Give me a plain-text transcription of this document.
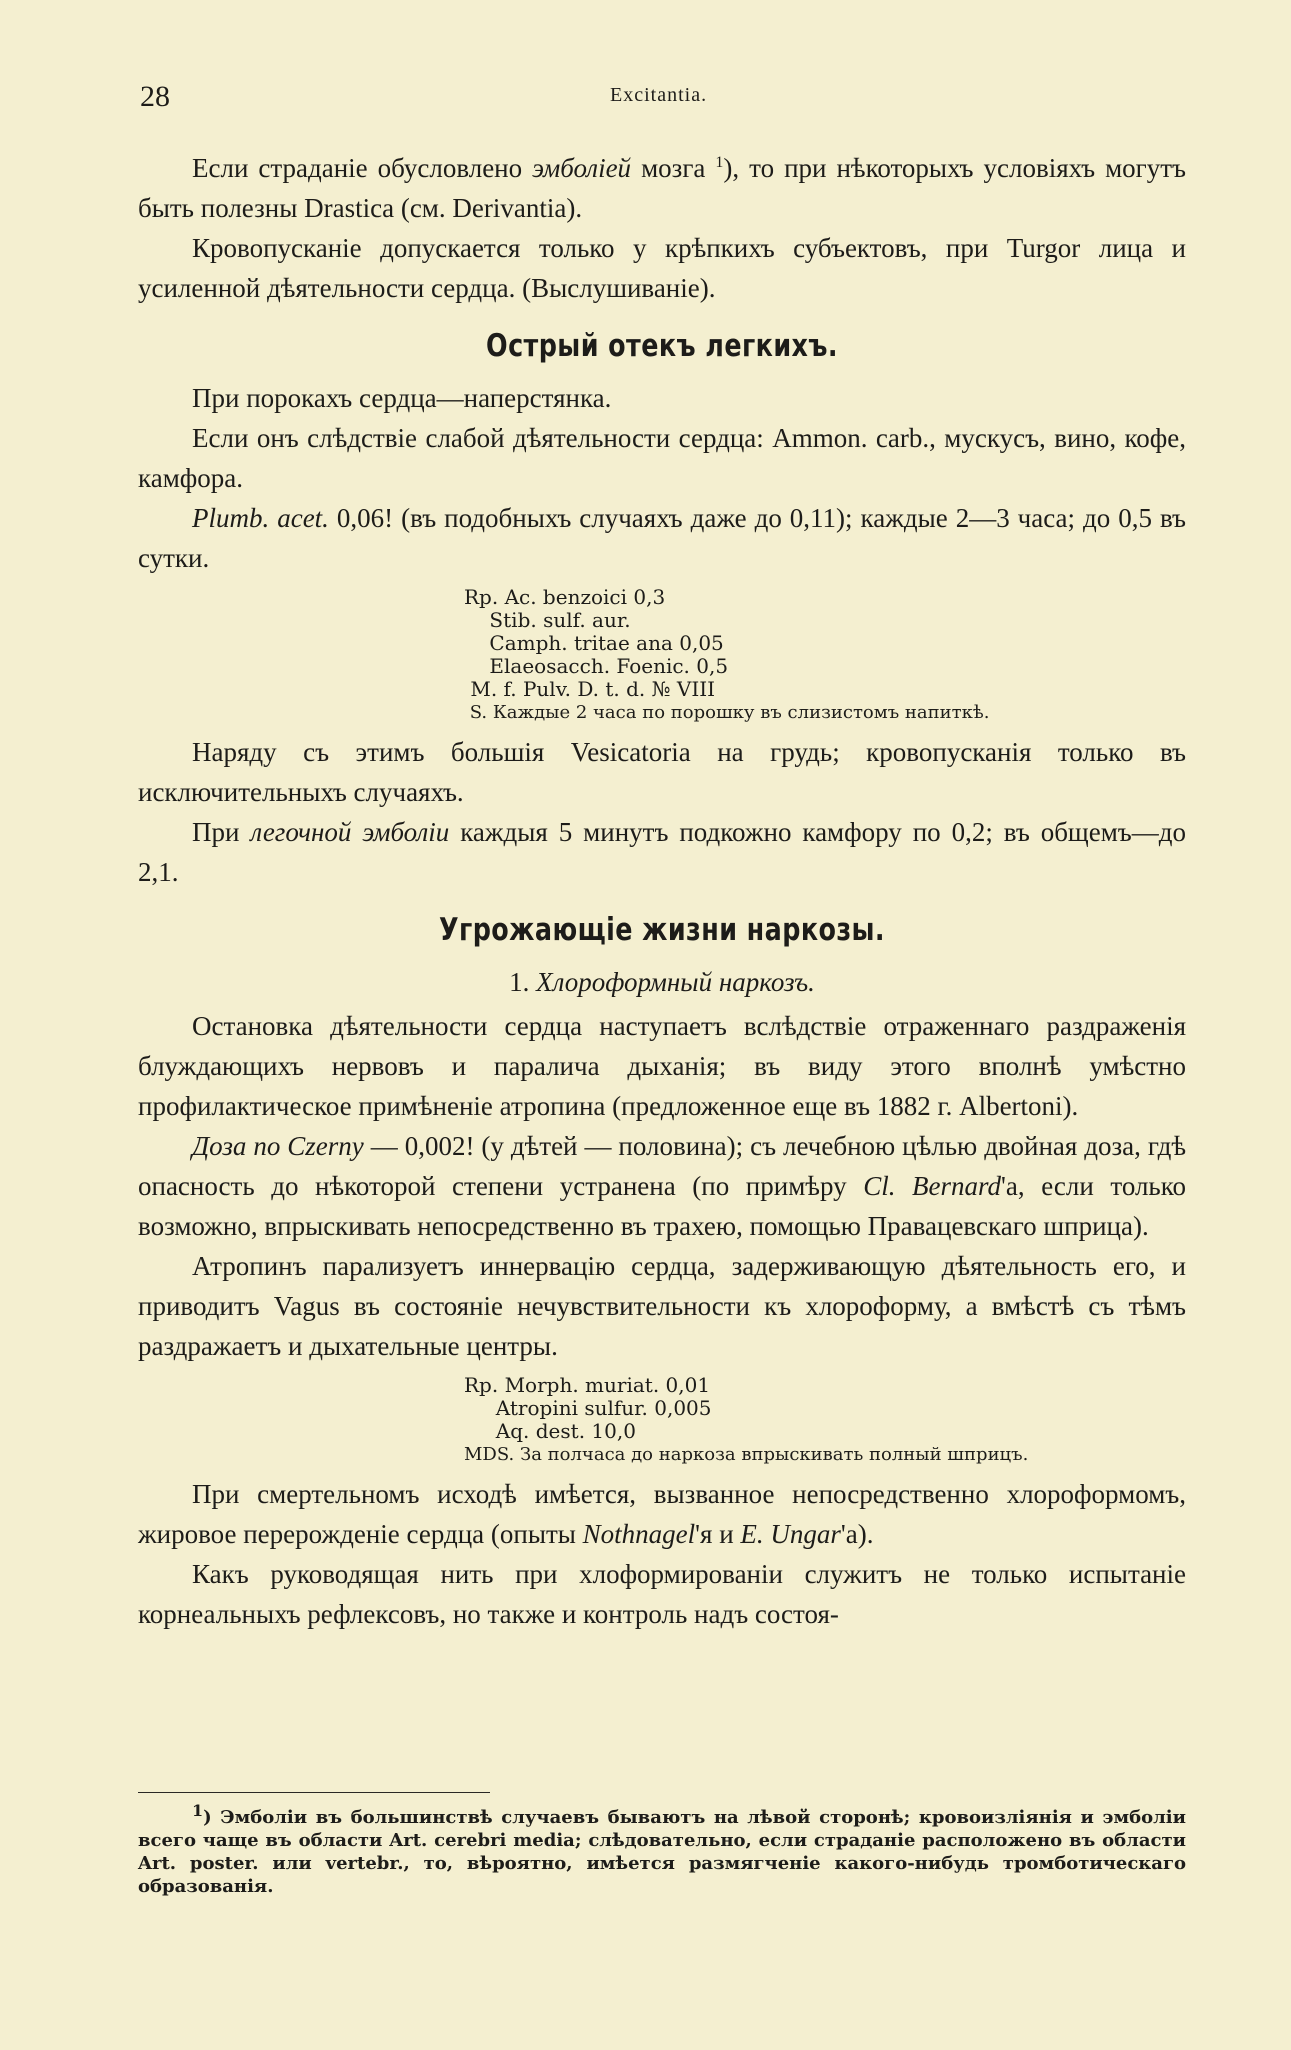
28	Excitantia.

Если страданіе обусловлено эмболіей мозга $^1$), то при нѣкоторыхъ условіяхъ могутъ быть полезны Drastica (см. Derivantia).

Кровопусканіе допускается только у крѣпкихъ субъектовъ, при Turgor лица и усиленной дѣятельности сердца. (Выслушиваніе).

Острый отекъ легкихъ.

При порокахъ сердца—наперстянка.

Если онъ слѣдствіе слабой дѣятельности сердца: Ammon. carb., мускусъ, вино, кофе, камфора.

Plumb. acet. 0,06! (въ подобныхъ случаяхъ даже до 0,11); каждые 2—3 часа; до 0,5 въ сутки.

Rp. Ac. benzoici 0,3
Stib. sulf. aur.
Camph. tritae ana 0,05
Elaeosacch. Foenic. 0,5
M. f. Pulv. D. t. d. № VIII
S. Каждые 2 часа по порошку въ слизистомъ напиткѣ.

Наряду съ этимъ большія Vesicatoria на грудь; кровопусканія только въ исключительныхъ случаяхъ.

При легочной эмболіи каждыя 5 минутъ подкожно камфору по 0,2; въ общемъ—до 2,1.

Угрожающіе жизни наркозы.
1. Хлороформный наркозъ.

Остановка дѣятельности сердца наступаетъ вслѣдствіе отраженнаго раздраженія блуждающихъ нервовъ и паралича дыханія; въ виду этого вполнѣ умѣстно профилактическое примѣненіе атропина (предложенное еще въ 1882 г. Albertoni).

Доза по Czerny — 0,002! (у дѣтей — половина); съ лечебною цѣлью двойная доза, гдѣ опасность до нѣкоторой степени устранена (по примѣру Cl. Bernard'а, если только возможно, впрыскивать непосредственно въ трахею, помощью Правацевскаго шприца).

Атропинъ парализуетъ иннервацію сердца, задерживающую дѣятельность его, и приводитъ Vagus въ состояніе нечувствительности къ хлороформу, а вмѣстѣ съ тѣмъ раздражаетъ и дыхательные центры.

Rp. Morph. muriat. 0,01
Atropini sulfur. 0,005
Aq. dest. 10,0
MDS. За полчаса до наркоза впрыскивать полный шприцъ.

При смертельномъ исходѣ имѣется, вызванное непосредственно хлороформомъ, жировое перерожденіе сердца (опыты Nothnagel'я и E. Ungar'а).

Какъ руководящая нить при хлоформированіи служитъ не только испытаніе корнеальныхъ рефлексовъ, но также и контроль надъ состоя-

$^1$) Эмболіи въ большинствѣ случаевъ бываютъ на лѣвой сторонѣ; кровоизліянія и эмболіи всего чаще въ области Art. cerebri media; слѣдовательно, если страданіе расположено въ области Art. poster. или vertebr., то, вѣроятно, имѣется размягченіе какого-нибудь тромботическаго образованія.
